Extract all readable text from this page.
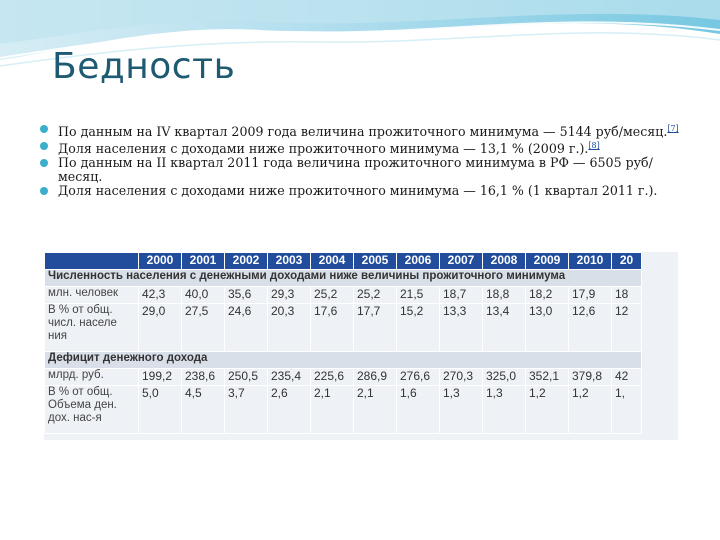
Бедность
По данным на IV квартал 2009 года величина прожиточного минимума — 5144 руб/месяц.[7]
Доля населения с доходами ниже прожиточного минимума — 13,1 % (2009 г.).[8]
По данным на II квартал 2011 года величина прожиточного минимума в РФ — 6505 руб/месяц.
Доля населения с доходами ниже прожиточного минимума — 16,1 % (1 квартал 2011 г.).
	2000	2001	2002	2003	2004	2005	2006	2007	2008	2009	2010	20
Численность населения с денежными доходами ниже величины прожиточного минимума												
млн. человек	42,3	40,0	35,6	29,3	25,2	25,2	21,5	18,7	18,8	18,2	17,9	18

В % от общ.
числ. населе
ния	29,0	27,5	24,6	20,3	17,6	17,7	15,2	13,3	13,4	13,0	12,6	12
Дефицит денежного дохода												
млрд. руб.	199,2	238,6	250,5	235,4	225,6	286,9	276,6	270,3	325,0	352,1	379,8	42

В % от общ.
Объема ден.
дох. нас-я	5,0	4,5	3,7	2,6	2,1	2,1	1,6	1,3	1,3	1,2	1,2	1,
